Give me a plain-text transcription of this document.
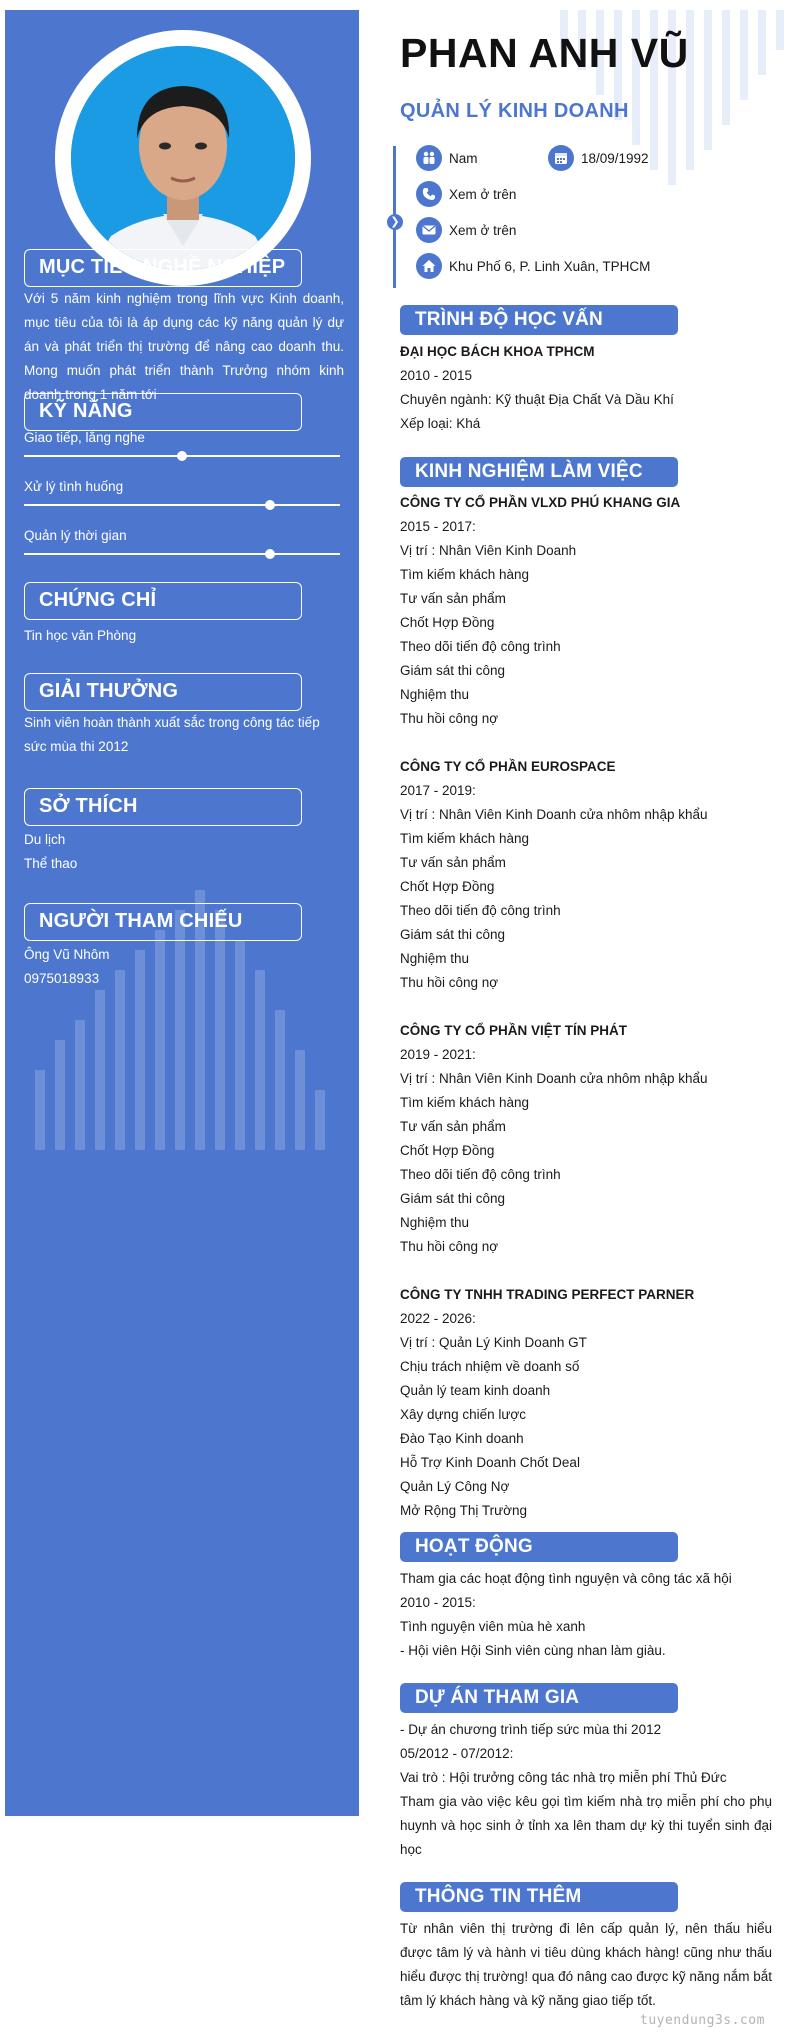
MỤC TIÊU NGHỀ NGHIỆP

Với 5 năm kinh nghiệm trong lĩnh vực Kinh doanh, mục tiêu của tôi là áp dụng các kỹ năng quản lý dự án và phát triển thị trường để nâng cao doanh thu. Mong muốn phát triển thành Trưởng nhóm kinh doanh trong 1 năm tới

KỸ NĂNG
Giao tiếp, lắng nghe
Xử lý tình huống
Quản lý thời gian
CHỨNG CHỈ

Tin học văn Phòng

GIẢI THƯỞNG

Sinh viên hoàn thành xuất sắc trong công tác tiếp sức mùa thi 2012

SỞ THÍCH

Du lịch

Thể thao

NGƯỜI THAM CHIẾU

Ông Vũ Nhôm

0975018933

PHAN ANH VŨ
QUẢN LÝ KINH DOANH
❯
Nam	18/09/1992
Xem ở trên
Xem ở trên
Khu Phố 6, P. Linh Xuân, TPHCM
TRÌNH ĐỘ HỌC VẤN

ĐẠI HỌC BÁCH KHOA TPHCM

2010 - 2015

Chuyên ngành: Kỹ thuật Địa Chất Và Dầu Khí

Xếp loại: Khá

KINH NGHIỆM LÀM VIỆC

CÔNG TY CỔ PHẦN VLXD PHÚ KHANG GIA

2015 - 2017:

Vị trí : Nhân Viên Kinh Doanh

Tìm kiếm khách hàng

Tư vấn sản phẩm

Chốt Hợp Đồng

Theo dõi tiến độ công trình

Giám sát thi công

Nghiệm thu

Thu hồi công nợ

CÔNG TY CỔ PHẦN EUROSPACE

2017 - 2019:

Vị trí : Nhân Viên Kinh Doanh cửa nhôm nhập khẩu

Tìm kiếm khách hàng

Tư vấn sản phẩm

Chốt Hợp Đồng

Theo dõi tiến độ công trình

Giám sát thi công

Nghiệm thu

Thu hồi công nợ

CÔNG TY CỔ PHẦN VIỆT TÍN PHÁT

2019 - 2021:

Vị trí : Nhân Viên Kinh Doanh cửa nhôm nhập khẩu

Tìm kiếm khách hàng

Tư vấn sản phẩm

Chốt Hợp Đồng

Theo dõi tiến độ công trình

Giám sát thi công

Nghiệm thu

Thu hồi công nợ

CÔNG TY TNHH TRADING PERFECT PARNER

2022 - 2026:

Vị trí : Quản Lý Kinh Doanh GT

Chịu trách nhiệm về doanh số

Quản lý team kinh doanh

Xây dựng chiến lược

Đào Tạo Kinh doanh

Hỗ Trợ Kinh Doanh Chốt Deal

Quản Lý Công Nợ

Mở Rộng Thị Trường

HOẠT ĐỘNG

Tham gia các hoạt động tình nguyện và công tác xã hội

2010 - 2015:

Tình nguyện viên mùa hè xanh

- Hội viên Hội Sinh viên cùng nhan làm giàu.

DỰ ÁN THAM GIA

- Dự án chương trình tiếp sức mùa thi 2012

05/2012 - 07/2012:

Vai trò : Hội trưởng công tác nhà trọ miễn phí Thủ Đức

Tham gia vào việc kêu gọi tìm kiếm nhà trọ miễn phí cho phụ huynh và học sinh ở tỉnh xa lên tham dự kỳ thi tuyển sinh đại học

THÔNG TIN THÊM

Từ nhân viên thị trường đi lên cấp quản lý, nên thấu hiểu được tâm lý và hành vi tiêu dùng khách hàng! cũng như thấu hiểu được thị trường! qua đó nâng cao được kỹ năng nắm bắt tâm lý khách hàng và kỹ năng giao tiếp tốt.

tuyendung3s.com
